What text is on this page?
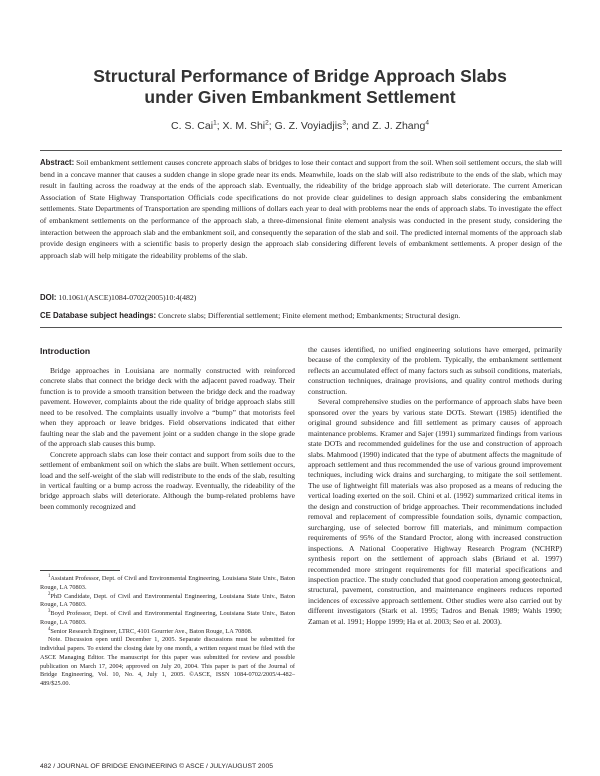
Structural Performance of Bridge Approach Slabs
under Given Embankment Settlement
C. S. Cai$^1$; X. M. Shi$^2$; G. Z. Voyiadjis$^3$; and Z. J. Zhang$^4$
Abstract: Soil embankment settlement causes concrete approach slabs of bridges to lose their contact and support from the soil. When soil settlement occurs, the slab will bend in a concave manner that causes a sudden change in slope grade near its ends. Meanwhile, loads on the slab will also redistribute to the ends of the slab, which may result in faulting across the roadway at the ends of the approach slab. Eventually, the rideability of the bridge approach slab will deteriorate. The current American Association of State Highway Transportation Officials code specifications do not provide clear guidelines to design approach slabs considering the embankment settlements. State Departments of Transportation are spending millions of dollars each year to deal with problems near the ends of approach slabs. To investigate the effect of embankment settlements on the performance of the approach slab, a three-dimensional finite element analysis was conducted in the present study, considering the interaction between the approach slab and the embankment soil, and consequently the separation of the slab and soil. The predicted internal moments of the approach slab provide design engineers with a scientific basis to properly design the approach slab considering different levels of embankment settlements. A proper design of the approach slab will help mitigate the rideability problems of the slab.
DOI: 10.1061/(ASCE)1084-0702(2005)10:4(482)
CE Database subject headings: Concrete slabs; Differential settlement; Finite element method; Embankments; Structural design.
Introduction

Bridge approaches in Louisiana are normally constructed with reinforced concrete slabs that connect the bridge deck with the adjacent paved roadway. Their function is to provide a smooth transition between the bridge deck and the roadway pavement. However, complaints about the ride quality of bridge approach slabs still need to be resolved. The complaints usually involve a “bump” that motorists feel when they approach or leave bridges. Field observations indicated that either faulting near the slab and the pavement joint or a sudden change in the slope grade of the approach slab causes this bump.

Concrete approach slabs can lose their contact and support from soils due to the settlement of embankment soil on which the slabs are built. When settlement occurs, load and the self-weight of the slab will redistribute to the ends of the slab, resulting in vertical faulting or a bump across the roadway. Eventually, the rideability of the bridge approach slabs will deteriorate. Although the bump-related problems have been commonly recognized and

$^1$Assistant Professor, Dept. of Civil and Environmental Engineering, Louisiana State Univ., Baton Rouge, LA 70803.

$^2$PhD Candidate, Dept. of Civil and Environmental Engineering, Louisiana State Univ., Baton Rouge, LA 70803.

$^3$Boyd Professor, Dept. of Civil and Environmental Engineering, Louisiana State Univ., Baton Rouge, LA 70803.

$^4$Senior Research Engineer, LTRC, 4101 Gourrier Ave., Baton Rouge, LA 70808.

Note. Discussion open until December 1, 2005. Separate discussions must be submitted for individual papers. To extend the closing date by one month, a written request must be filed with the ASCE Managing Editor. The manuscript for this paper was submitted for review and possible publication on March 17, 2004; approved on July 20, 2004. This paper is part of the Journal of Bridge Engineering, Vol. 10, No. 4, July 1, 2005. ©ASCE, ISSN 1084-0702/2005/4-482–489/$25.00.

the causes identified, no unified engineering solutions have emerged, primarily because of the complexity of the problem. Typically, the embankment settlement reflects an accumulated effect of many factors such as subsoil conditions, materials, construction techniques, drainage provisions, and quality control methods during construction.

Several comprehensive studies on the performance of approach slabs have been sponsored over the years by various state DOTs. Stewart (1985) identified the original ground subsidence and fill settlement as primary causes of approach maintenance problems. Kramer and Sajer (1991) summarized findings from various state DOTs and recommended guidelines for the use and construction of approach slabs. Mahmood (1990) indicated that the type of abutment affects the magnitude of approach settlement and thus recommended the use of various ground improvement techniques, including wick drains and surcharging, to mitigate the soil settlement. The use of lightweight fill materials was also proposed as a means of reducing the vertical loading exerted on the soil. Chini et al. (1992) summarized critical items in the design and construction of bridge approaches. Their recommendations included removal and replacement of compressible foundation soils, dynamic compaction, surcharging, use of selected borrow fill materials, and minimum compaction requirements of 95% of the Standard Proctor, along with increased construction inspections. A National Cooperative Highway Research Program (NCHRP) synthesis report on the settlement of approach slabs (Briaud et al. 1997) recommended more stringent requirements for fill material specifications and inspection practice. The study concluded that good cooperation among geotechnical, structural, pavement, construction, and maintenance engineers reduces reported incidences of excessive approach settlement. Other studies were also carried out by different investigators (Stark et al. 1995; Tadros and Benak 1989; Wahls 1990; Zaman et al. 1991; Hoppe 1999; Ha et al. 2003; Seo et al. 2003).

482 / JOURNAL OF BRIDGE ENGINEERING © ASCE / JULY/AUGUST 2005
